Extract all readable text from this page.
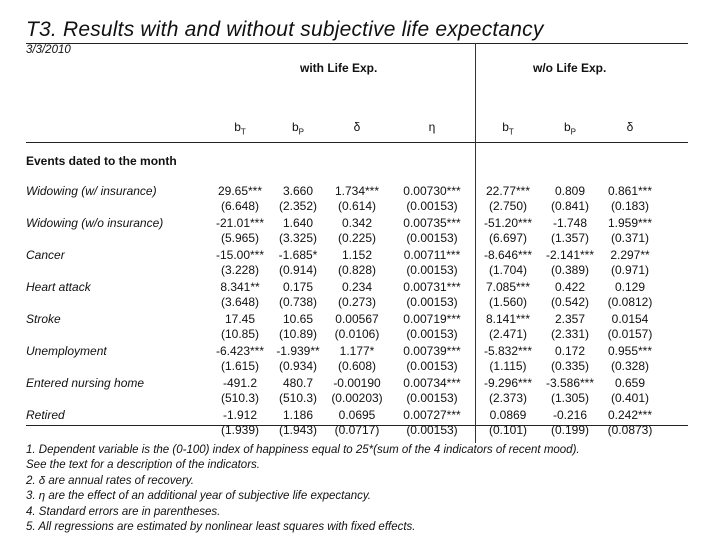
T3. Results with and without subjective life expectancy
3/3/2010
with Life Exp.	w/o Life Exp.
$b_T$	$b_P$	δ	η	$b_T$	$b_P$	δ
Events dated to the month
Widowing (w/ insurance)	29.65***	3.660	1.734***	0.00730***	22.77***	0.809	0.861***
(6.648)	(2.352)	(0.614)	(0.00153)	(2.750)	(0.841)	(0.183)
Widowing (w/o insurance)	-21.01***	1.640	0.342	0.00735***	-51.20***	-1.748	1.959***
(5.965)	(3.325)	(0.225)	(0.00153)	(6.697)	(1.357)	(0.371)
Cancer	-15.00***	-1.685*	1.152	0.00711***	-8.646***	-2.141***	2.297**
(3.228)	(0.914)	(0.828)	(0.00153)	(1.704)	(0.389)	(0.971)
Heart attack	8.341**	0.175	0.234	0.00731***	7.085***	0.422	0.129
(3.648)	(0.738)	(0.273)	(0.00153)	(1.560)	(0.542)	(0.0812)
Stroke	17.45	10.65	0.00567	0.00719***	8.141***	2.357	0.0154
(10.85)	(10.89)	(0.0106)	(0.00153)	(2.471)	(2.331)	(0.0157)
Unemployment	-6.423***	-1.939**	1.177*	0.00739***	-5.832***	0.172	0.955***
(1.615)	(0.934)	(0.608)	(0.00153)	(1.115)	(0.335)	(0.328)
Entered nursing home	-491.2	480.7	-0.00190	0.00734***	-9.296***	-3.586***	0.659
(510.3)	(510.3)	(0.00203)	(0.00153)	(2.373)	(1.305)	(0.401)
Retired	-1.912	1.186	0.0695	0.00727***	0.0869	-0.216	0.242***
(1.939)	(1.943)	(0.0717)	(0.00153)	(0.101)	(0.199)	(0.0873)
1. Dependent variable is the (0-100) index of happiness equal to 25*(sum of the 4 indicators of recent mood).
See the text for a description of the indicators.
2. δ are annual rates of recovery.
3. η are the effect of an additional year of subjective life expectancy.
4. Standard errors are in parentheses.
5. All regressions are estimated by nonlinear least squares with fixed effects.
